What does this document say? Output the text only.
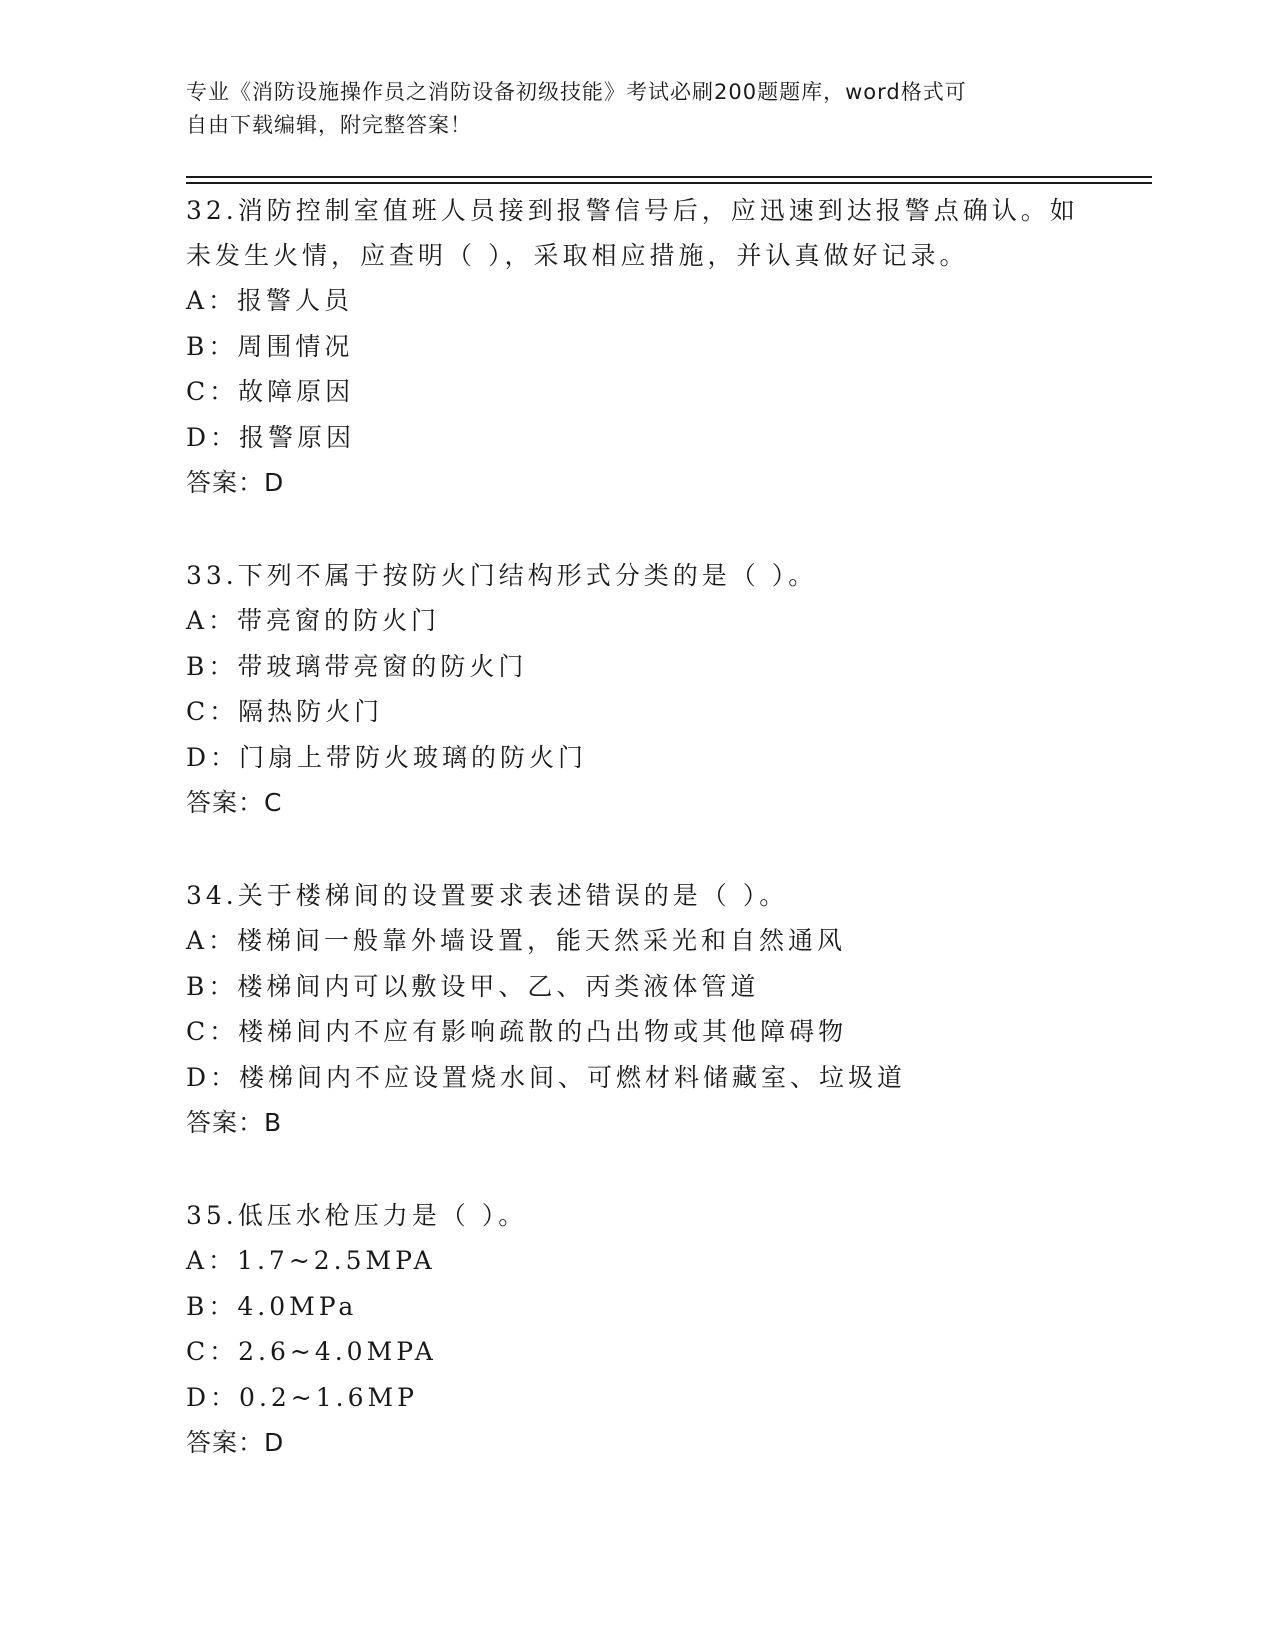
专业《消防设施操作员之消防设备初级技能》考试必刷200题题库，word格式可
自由下载编辑，附完整答案！
32.消防控制室值班人员接到报警信号后，应迅速到达报警点确认。如
未发生火情，应查明（ ），采取相应措施，并认真做好记录。
A：报警人员
B：周围情况
C：故障原因
D：报警原因
答案：D
33.下列不属于按防火门结构形式分类的是（ ）。
A：带亮窗的防火门
B：带玻璃带亮窗的防火门
C：隔热防火门
D：门扇上带防火玻璃的防火门
答案：C
34.关于楼梯间的设置要求表述错误的是（ ）。
A：楼梯间一般靠外墙设置，能天然采光和自然通风
B：楼梯间内可以敷设甲、乙、丙类液体管道
C：楼梯间内不应有影响疏散的凸出物或其他障碍物
D：楼梯间内不应设置烧水间、可燃材料储藏室、垃圾道
答案：B
35.低压水枪压力是（ ）。
A：1.7~2.5MPA
B：4.0MPa
C：2.6~4.0MPA
D：0.2~1.6MP
答案：D
